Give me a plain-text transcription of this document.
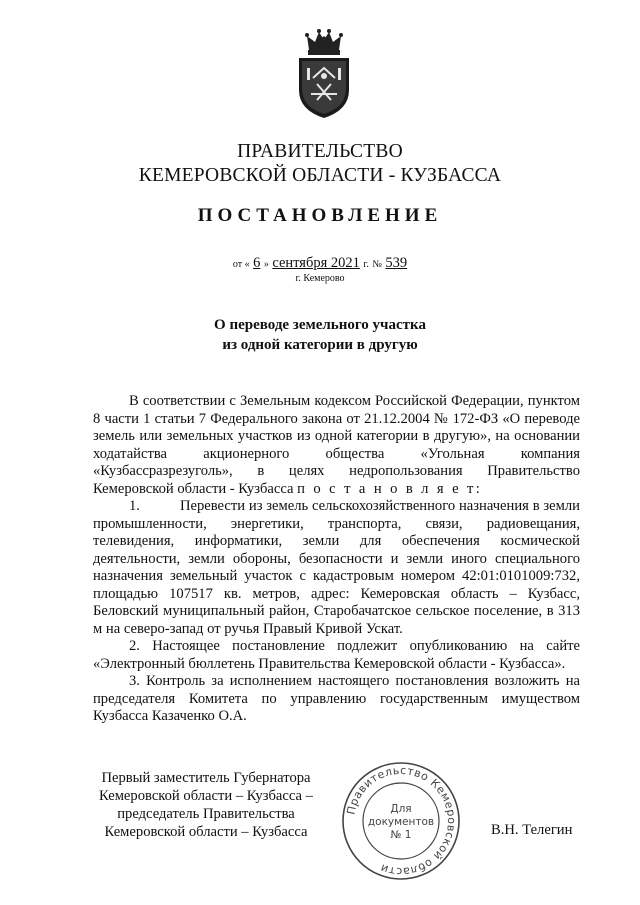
ПРАВИТЕЛЬСТВО
КЕМЕРОВСКОЙ ОБЛАСТИ - КУЗБАССА
ПОСТАНОВЛЕНИЕ
от « 6 » сентября 2021 г. № 539
г. Кемерово
О переводе земельного участка
из одной категории в другую

В соответствии с Земельным кодексом Российской Федерации, пунктом 8 части 1 статьи 7 Федерального закона от 21.12.2004 № 172-ФЗ «О переводе земель или земельных участков из одной категории в другую», на основании ходатайства акционерного общества «Угольная компания «Кузбассразрезуголь», в целях недропользования Правительство Кемеровской области - Кузбасса п о с т а н о в л я е т:

1.	Перевести из земель сельскохозяйственного назначения в земли промышленности, энергетики, транспорта, связи, радиовещания, телевидения, информатики, земли для обеспечения космической деятельности, земли обороны, безопасности и земли иного специального назначения земельный участок с кадастровым номером 42:01:0101009:732, площадью 107517 кв. метров, адрес: Кемеровская область – Кузбасс, Беловский муниципальный район, Старобачатское сельское поселение, в 313 м на северо-запад от ручья Правый Кривой Ускат.

2. Настоящее постановление подлежит опубликованию на сайте «Электронный бюллетень Правительства Кемеровской области - Кузбасса».

3. Контроль за исполнением настоящего постановления возложить на председателя Комитета по управлению государственным имуществом Кузбасса Казаченко О.А.

Первый заместитель Губернатора
Кемеровской области – Кузбасса –
председатель Правительства
Кемеровской области – Кузбасса
Правительство Кемеровской области
Для
документов
№ 1	В.Н. Телегин
